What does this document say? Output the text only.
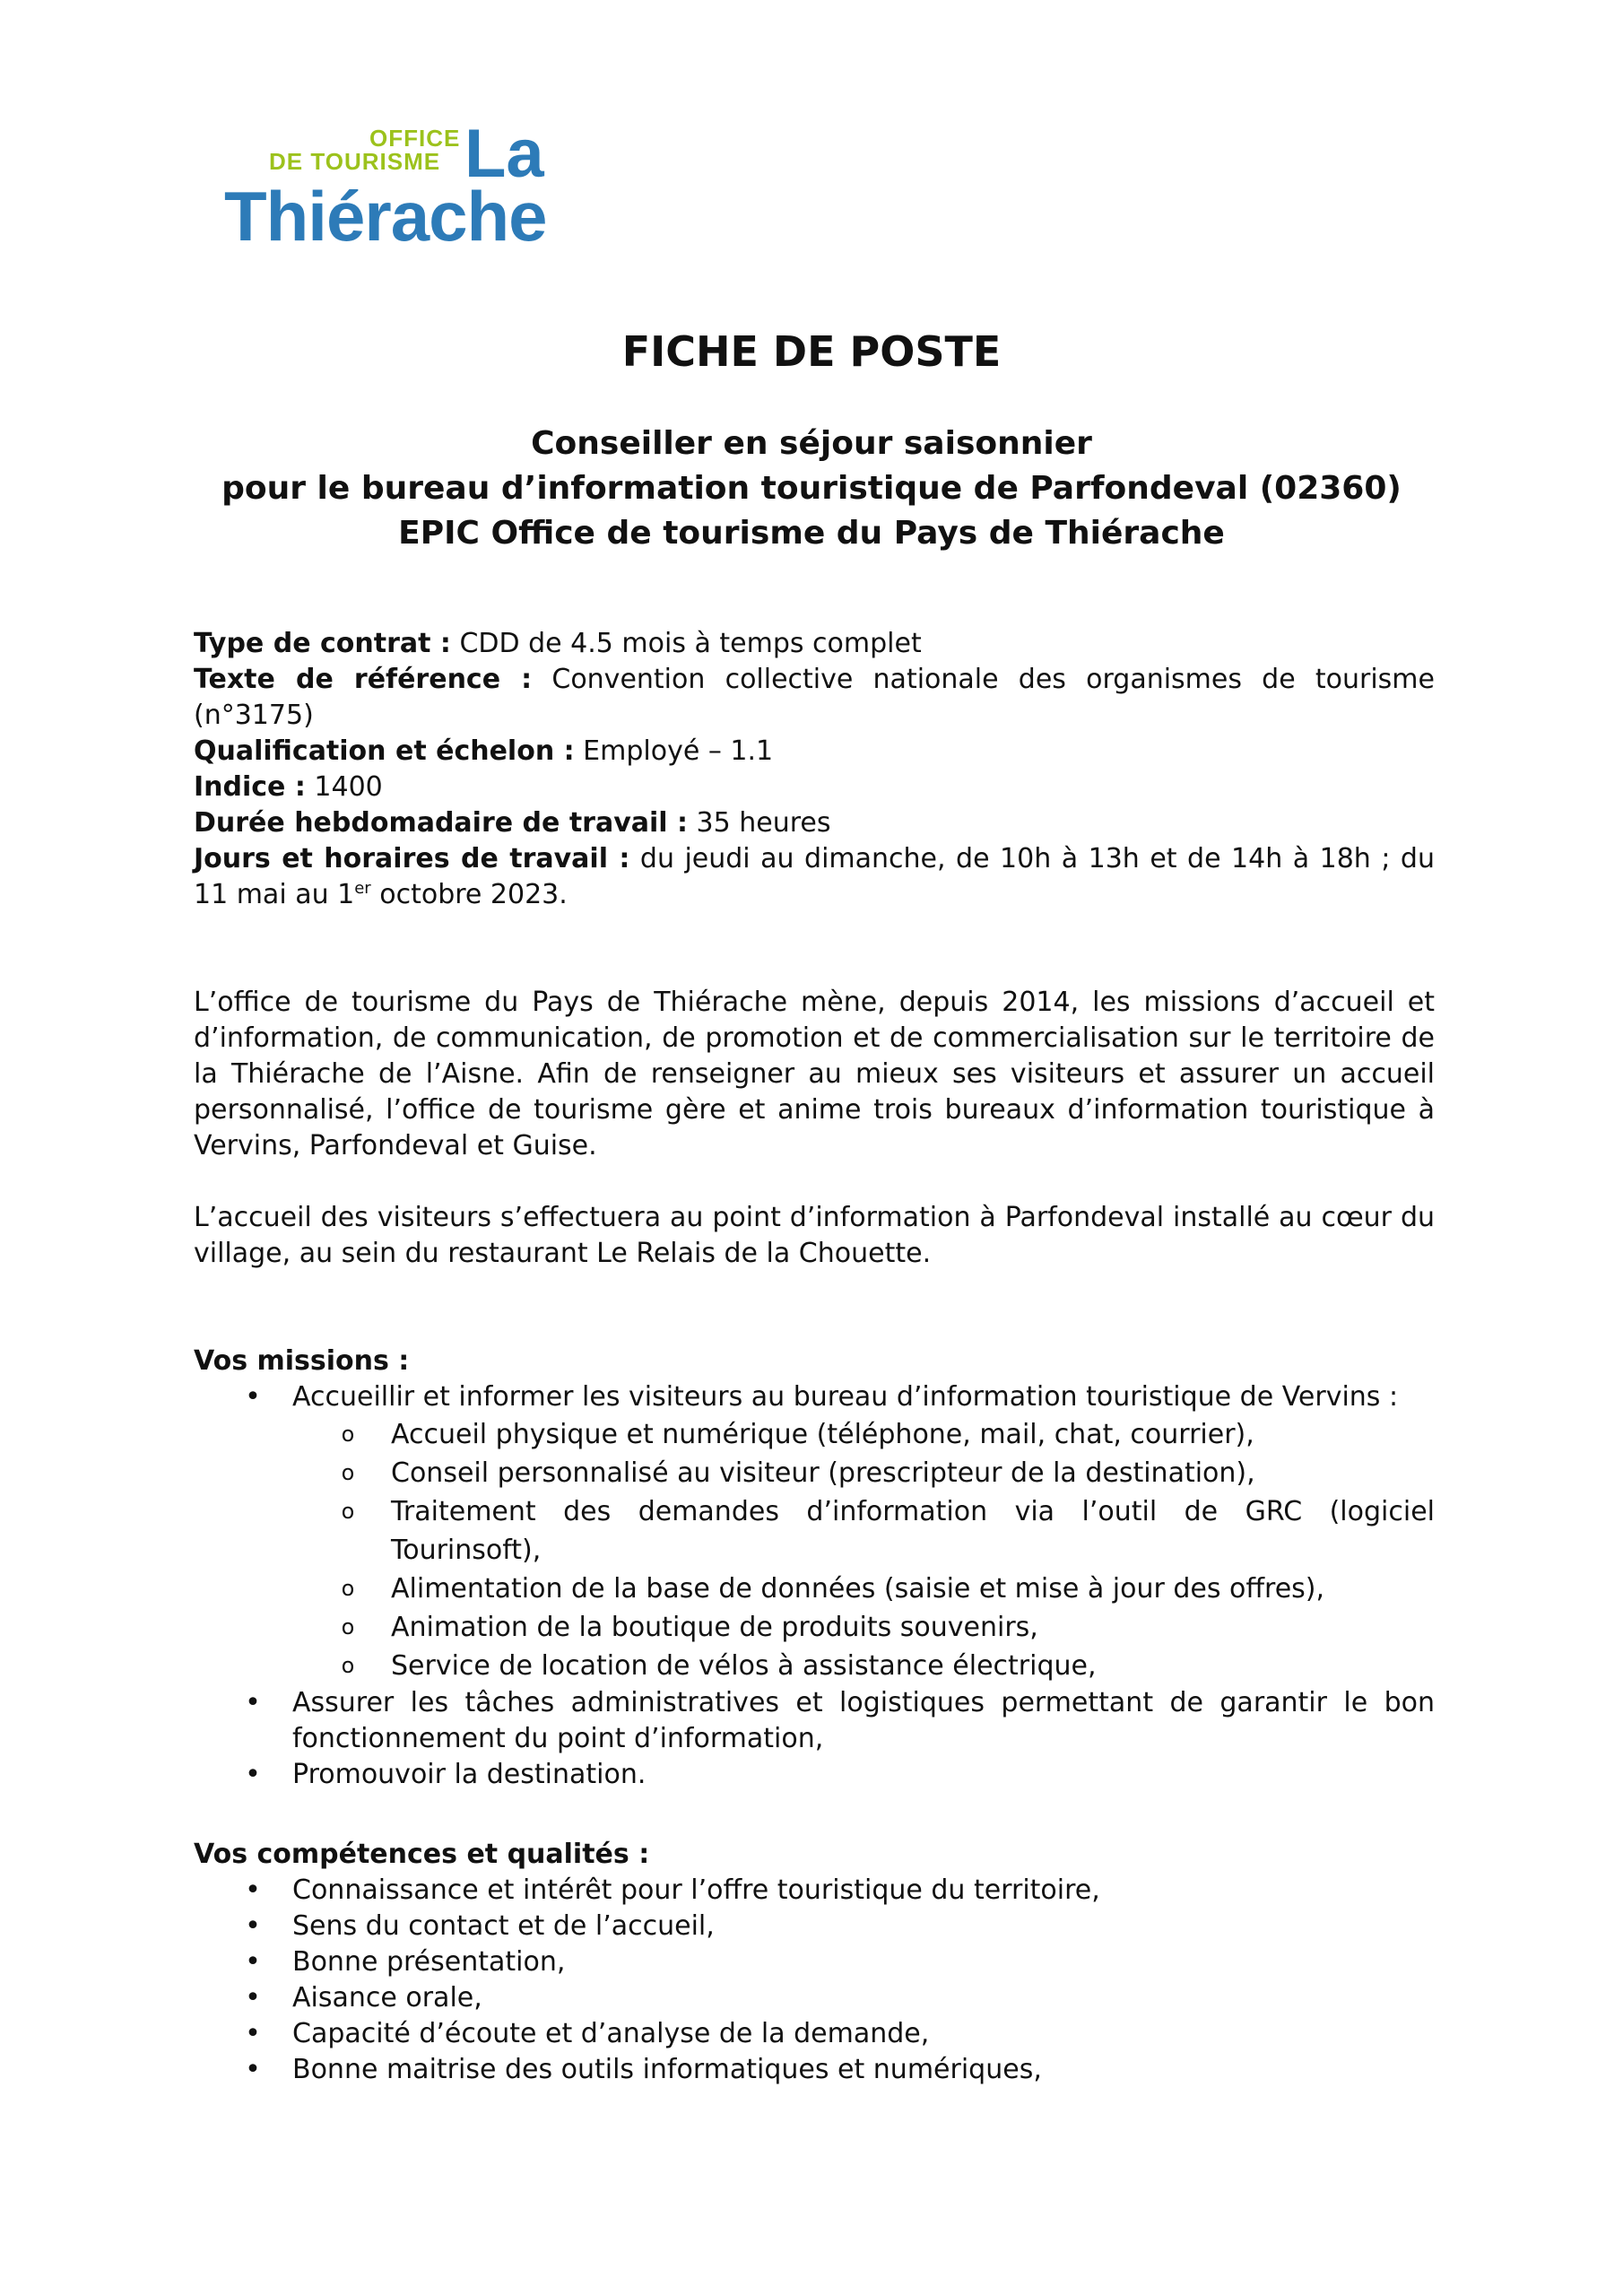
OFFICE
DE TOURISME La
Thiérache
FICHE DE POSTE
Conseiller en séjour saisonnier
pour le bureau d’information touristique de Parfondeval (02360)
EPIC Office de tourisme du Pays de Thiérache

Type de contrat : CDD de 4.5 mois à temps complet

Texte de référence : Convention collective nationale des organismes de tourisme (n°3175)

Qualification et échelon : Employé – 1.1

Indice : 1400

Durée hebdomadaire de travail : 35 heures

Jours et horaires de travail : du jeudi au dimanche, de 10h à 13h et de 14h à 18h ; du 11 mai au 1er octobre 2023.

L’office de tourisme du Pays de Thiérache mène, depuis 2014, les missions d’accueil et d’information, de communication, de promotion et de commercialisation sur le territoire de la Thiérache de l’Aisne. Afin de renseigner au mieux ses visiteurs et assurer un accueil personnalisé, l’office de tourisme gère et anime trois bureaux d’information touristique à Vervins, Parfondeval et Guise.

L’accueil des visiteurs s’effectuera au point d’information à Parfondeval installé au cœur du village, au sein du restaurant Le Relais de la Chouette.

Vos missions :

• Accueillir et informer les visiteurs au bureau d’information touristique de Vervins :
o Accueil physique et numérique (téléphone, mail, chat, courrier),
o Conseil personnalisé au visiteur (prescripteur de la destination),
o Traitement des demandes d’information via l’outil de GRC (logiciel Tourinsoft),
o Alimentation de la base de données (saisie et mise à jour des offres),
o Animation de la boutique de produits souvenirs,
o Service de location de vélos à assistance électrique,
• Assurer les tâches administratives et logistiques permettant de garantir le bon fonctionnement du point d’information,
• Promouvoir la destination.

Vos compétences et qualités :

• Connaissance et intérêt pour l’offre touristique du territoire,
• Sens du contact et de l’accueil,
• Bonne présentation,
• Aisance orale,
• Capacité d’écoute et d’analyse de la demande,
• Bonne maitrise des outils informatiques et numériques,
